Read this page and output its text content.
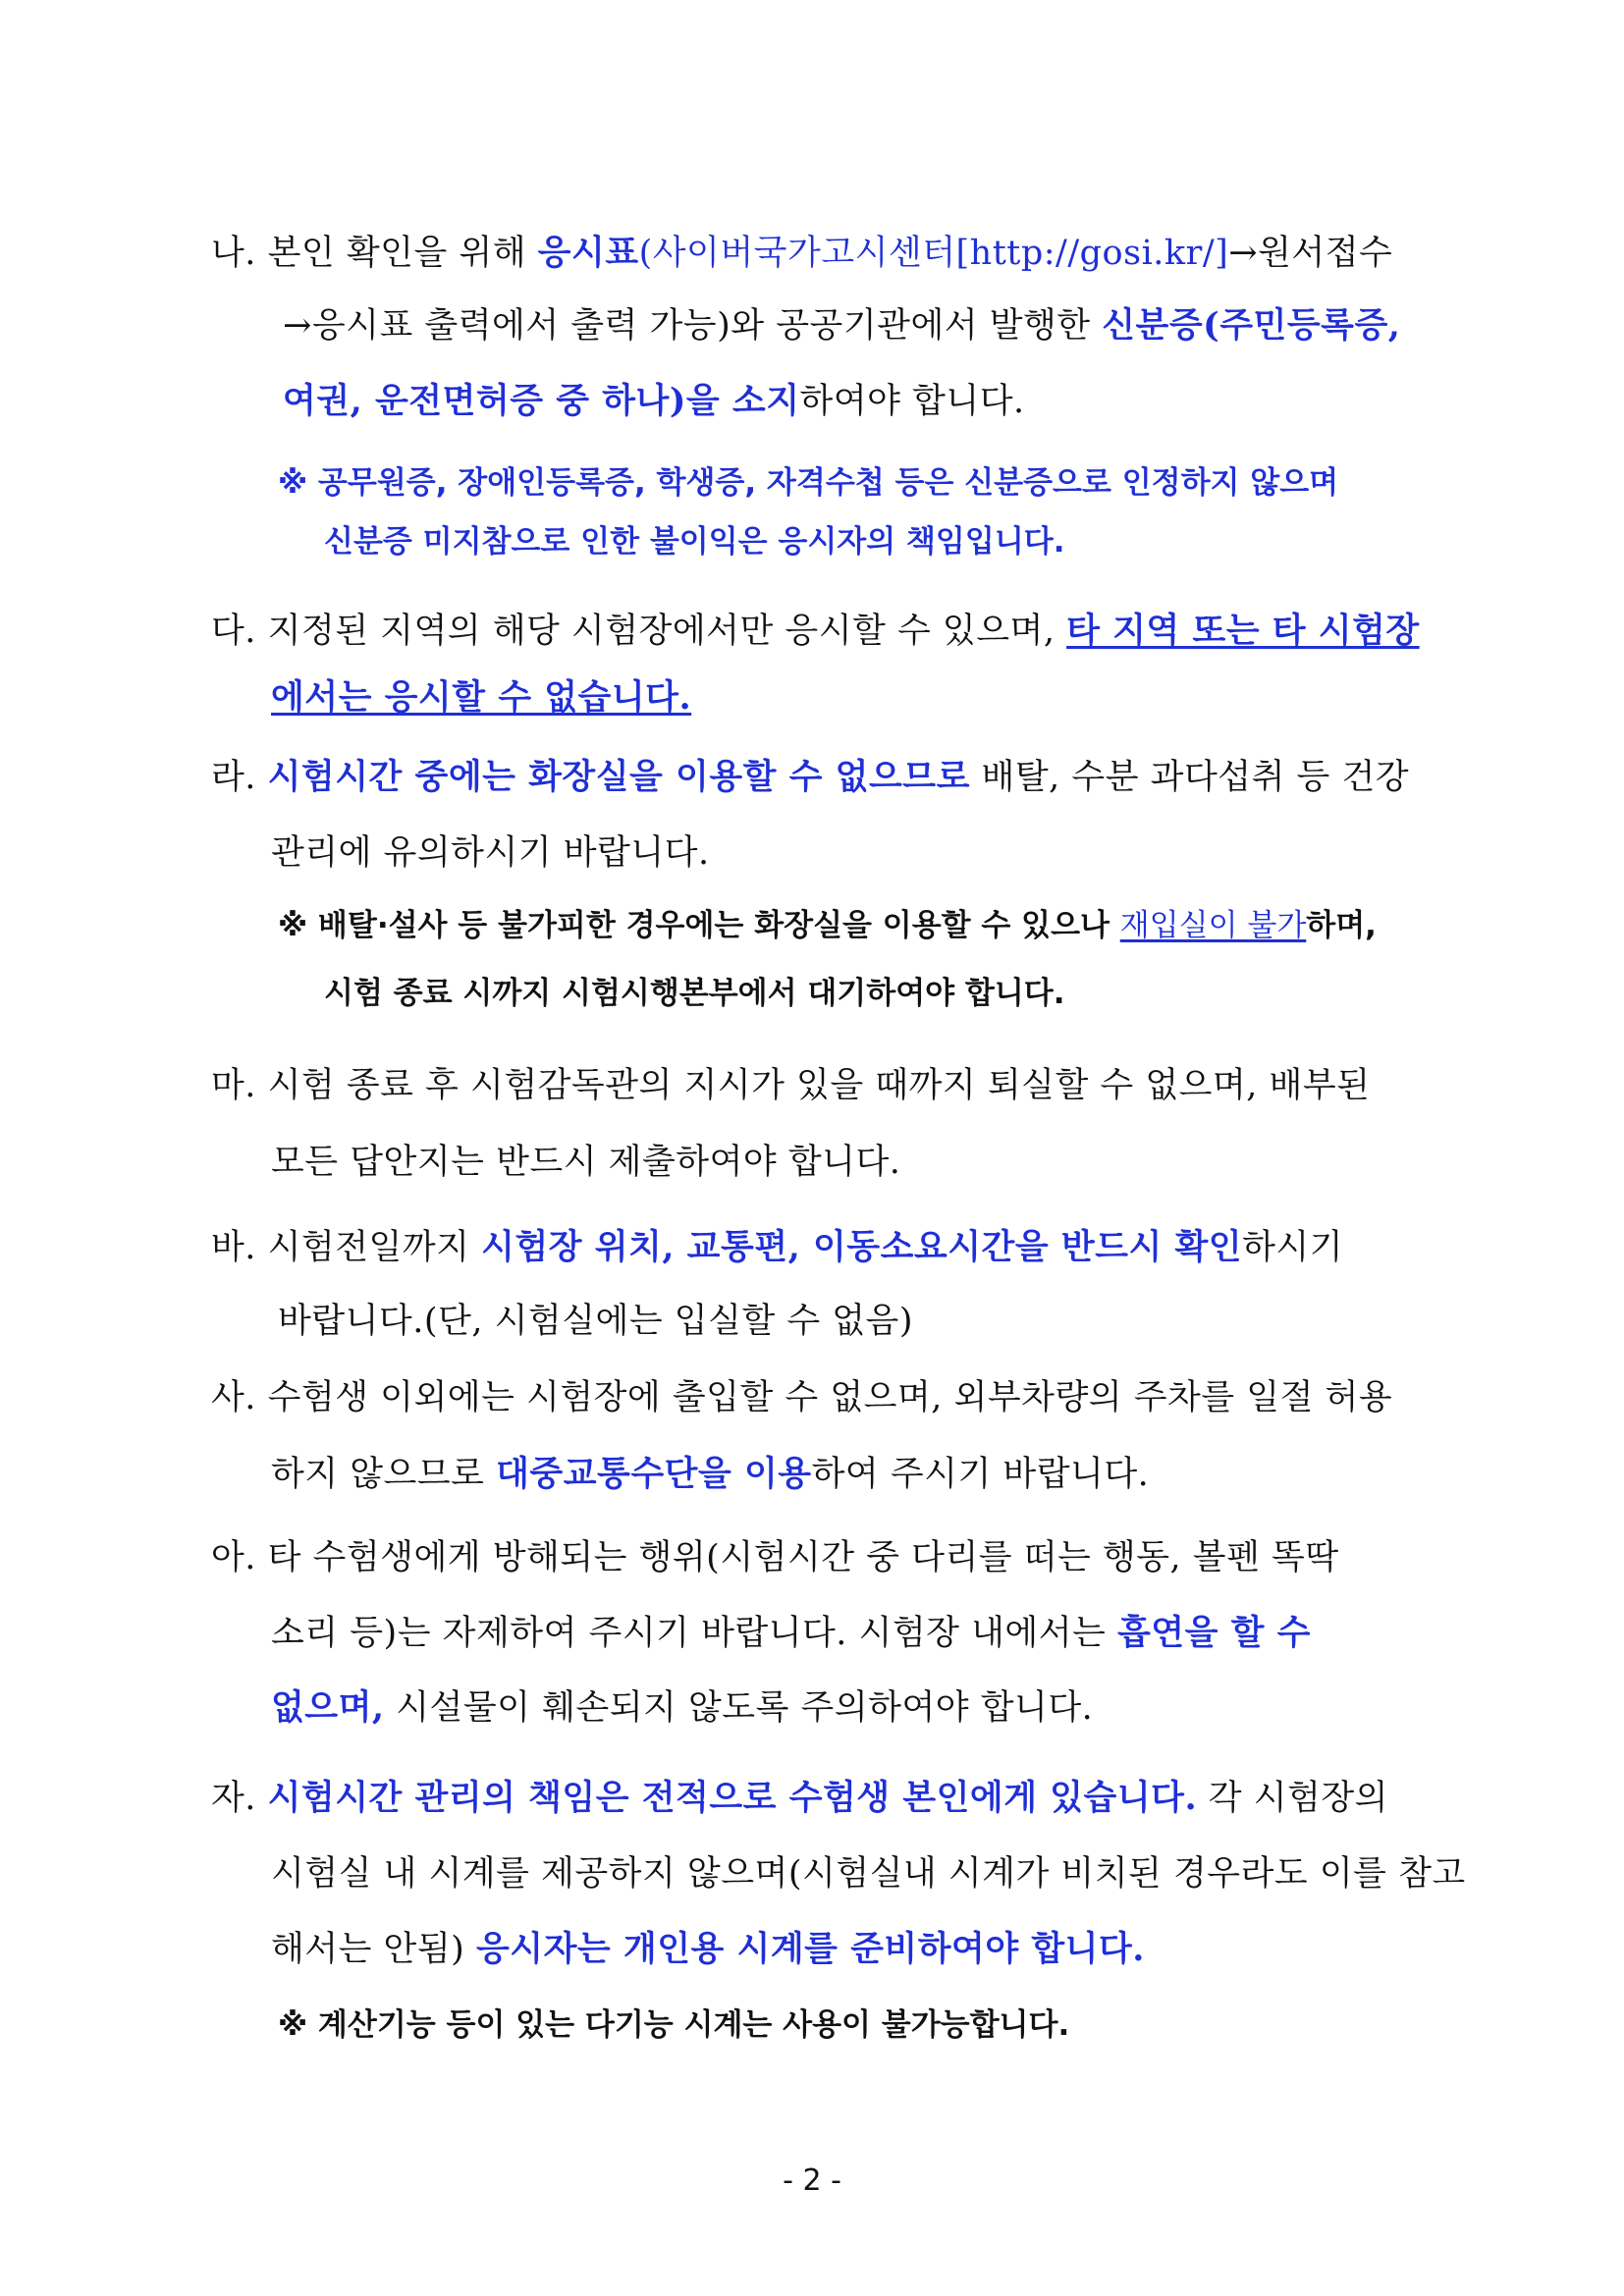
나. 본인 확인을 위해 응시표(사이버국가고시센터[http://gosi.kr/]→원서접수
→응시표 출력에서 출력 가능)와 공공기관에서 발행한 신분증(주민등록증,
여권, 운전면허증 중 하나)을 소지하여야 합니다.
※ 공무원증, 장애인등록증, 학생증, 자격수첩 등은 신분증으로 인정하지 않으며
신분증 미지참으로 인한 불이익은 응시자의 책임입니다.
다. 지정된 지역의 해당 시험장에서만 응시할 수 있으며, 타 지역 또는 타 시험장
에서는 응시할 수 없습니다.
라. 시험시간 중에는 화장실을 이용할 수 없으므로 배탈, 수분 과다섭취 등 건강
관리에 유의하시기 바랍니다.
※ 배탈·설사 등 불가피한 경우에는 화장실을 이용할 수 있으나 재입실이 불가하며,
시험 종료 시까지 시험시행본부에서 대기하여야 합니다.
마. 시험 종료 후 시험감독관의 지시가 있을 때까지 퇴실할 수 없으며, 배부된
모든 답안지는 반드시 제출하여야 합니다.
바. 시험전일까지 시험장 위치, 교통편, 이동소요시간을 반드시 확인하시기
바랍니다.(단, 시험실에는 입실할 수 없음)
사. 수험생 이외에는 시험장에 출입할 수 없으며, 외부차량의 주차를 일절 허용
하지 않으므로 대중교통수단을 이용하여 주시기 바랍니다.
아. 타 수험생에게 방해되는 행위(시험시간 중 다리를 떠는 행동, 볼펜 똑딱
소리 등)는 자제하여 주시기 바랍니다. 시험장 내에서는 흡연을 할 수
없으며, 시설물이 훼손되지 않도록 주의하여야 합니다.
자. 시험시간 관리의 책임은 전적으로 수험생 본인에게 있습니다. 각 시험장의
시험실 내 시계를 제공하지 않으며(시험실내 시계가 비치된 경우라도 이를 참고
해서는 안됨) 응시자는 개인용 시계를 준비하여야 합니다.
※ 계산기능 등이 있는 다기능 시계는 사용이 불가능합니다.
- 2 -
